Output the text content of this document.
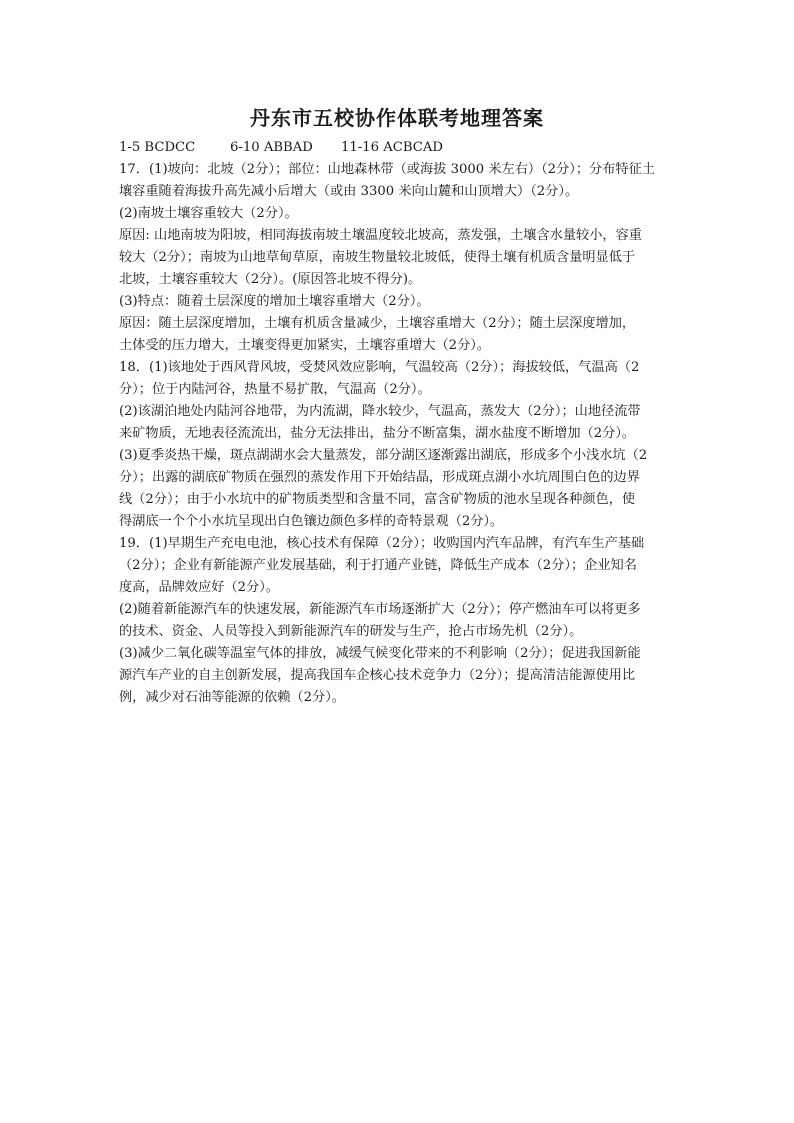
丹东市五校协作体联考地理答案
1-5 BCDCC	6-10 ABBAD 11-16 ACBCAD
17．(1)坡向：北坡（2分）；部位：山地森林带（或海拔 3000 米左右）（2分）；分布特征土
壤容重随着海拔升高先减小后增大（或由 3300 米向山麓和山顶增大）（2分）。
(2)南坡土壤容重较大（2分）。
原因: 山地南坡为阳坡，相同海拔南坡土壤温度较北坡高，蒸发强，土壤含水量较小，容重
较大（2分）；南坡为山地草甸草原，南坡生物量较北坡低，使得土壤有机质含量明显低于
北坡，土壤容重较大（2分）。(原因答北坡不得分)。
(3)特点：随着土层深度的增加土壤容重增大（2分）。
原因：随土层深度增加，土壤有机质含量减少，土壤容重增大（2分）；随土层深度增加，
土体受的压力增大，土壤变得更加紧实，土壤容重增大（2分）。
18．(1)该地处于西风背风坡，受焚风效应影响，气温较高（2分）；海拔较低，气温高（2
分）；位于内陆河谷，热量不易扩散，气温高（2分）。
(2)该湖泊地处内陆河谷地带，为内流湖，降水较少，气温高，蒸发大（2分）；山地径流带
来矿物质，无地表径流流出，盐分无法排出，盐分不断富集，湖水盐度不断增加（2分）。
(3)夏季炎热干燥，斑点湖湖水会大量蒸发，部分湖区逐渐露出湖底，形成多个小浅水坑（2
分）；出露的湖底矿物质在强烈的蒸发作用下开始结晶，形成斑点湖小水坑周围白色的边界
线（2分）；由于小水坑中的矿物质类型和含量不同，富含矿物质的池水呈现各种颜色，使
得湖底一个个小水坑呈现出白色镶边颜色多样的奇特景观（2分）。
19．(1)早期生产充电电池，核心技术有保障（2分）；收购国内汽车品牌，有汽车生产基础
（2分）；企业有新能源产业发展基础，利于打通产业链，降低生产成本（2分）；企业知名
度高，品牌效应好（2分）。
(2)随着新能源汽车的快速发展，新能源汽车市场逐渐扩大（2分）；停产燃油车可以将更多
的技术、资金、人员等投入到新能源汽车的研发与生产，抢占市场先机（2分）。
(3)减少二氧化碳等温室气体的排放，减缓气候变化带来的不利影响（2分）；促进我国新能
源汽车产业的自主创新发展，提高我国车企核心技术竞争力（2分）；提高清洁能源使用比
例，减少对石油等能源的依赖（2分）。
